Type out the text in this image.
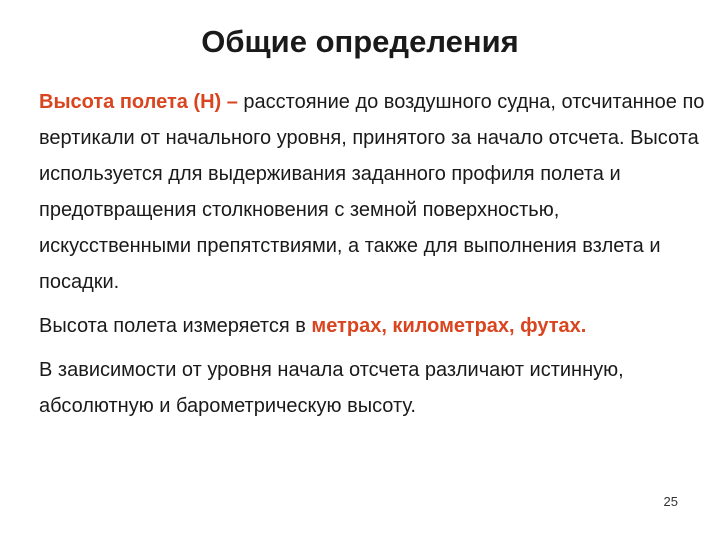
Общие определения

Высота полета (Н) – расстояние до воздушного судна, отсчитанное по вертикали от начального уровня, принятого за начало отсчета. Высота используется для выдерживания заданного профиля полета и предотвращения столкновения с земной поверхностью, искусственными препятствиями, а также для выполнения взлета и посадки.

Высота полета измеряется в метрах, километрах, футах.

В зависимости от уровня начала отсчета различают истинную, абсолютную и барометрическую высоту.

25
